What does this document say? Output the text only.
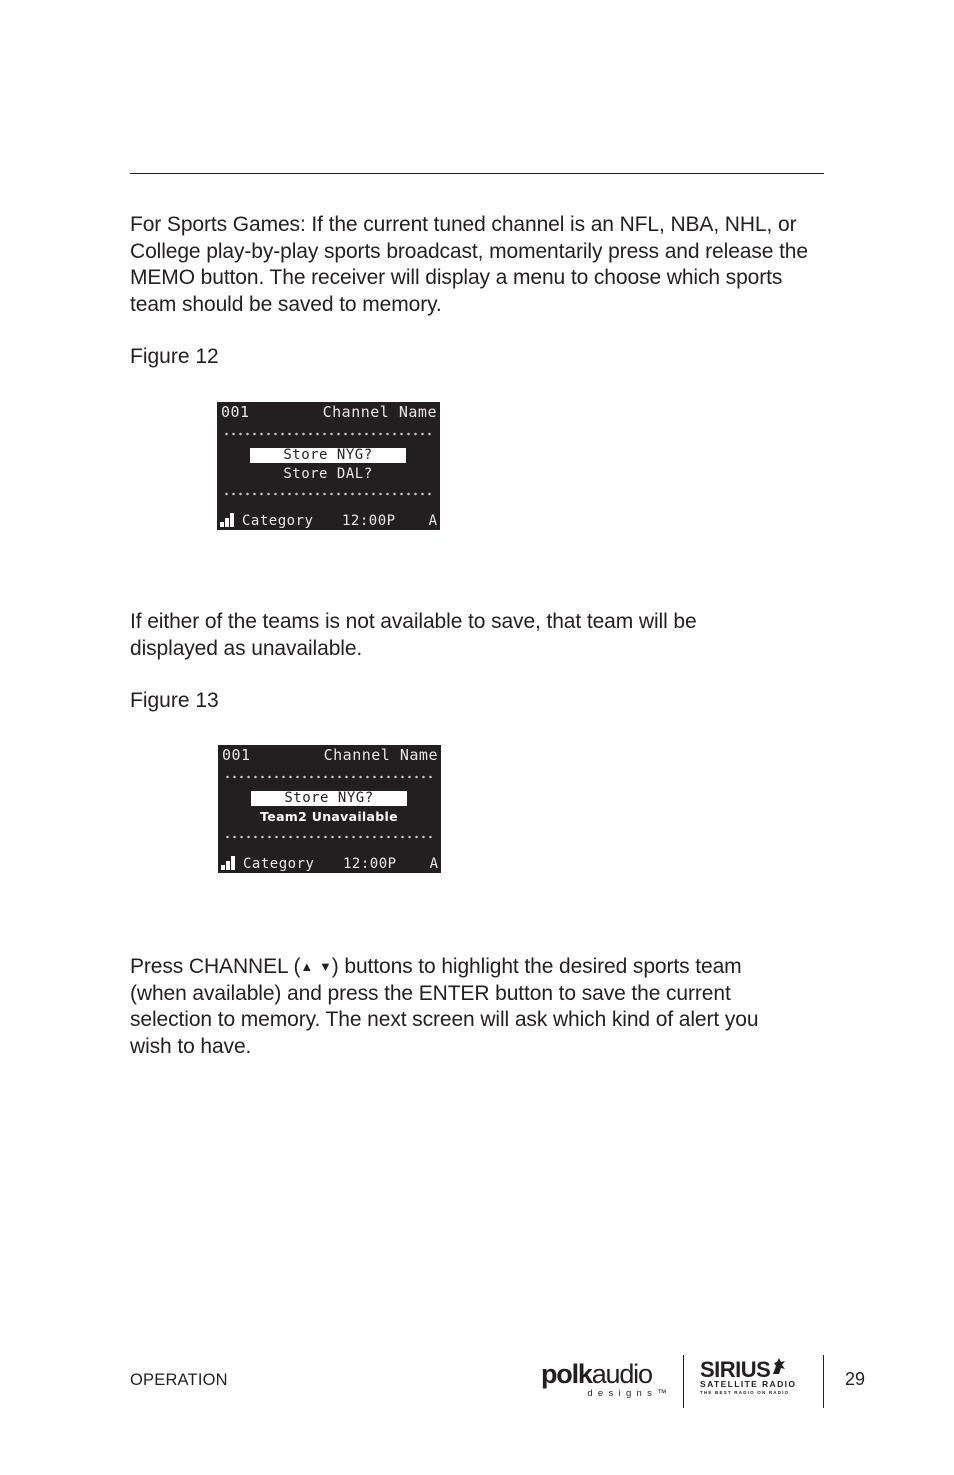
For Sports Games: If the current tuned channel is an NFL, NBA, NHL, or College play-by-play sports broadcast, momentarily press and release the MEMO button. The receiver will display a menu to choose which sports team should be saved to memory.

Figure 12

001	Channel Name
Store NYG?
Store DAL?
Category 12:00P A

If either of the teams is not available to save, that team will be displayed as unavailable.

Figure 13

001	Channel Name
Store NYG?
Team2 Unavailable
Category 12:00P A

Press CHANNEL (▲ ▼) buttons to highlight the desired sports team (when available) and press the ENTER button to save the current selection to memory. The next screen will ask which kind of alert you wish to have.

OPERATION	polkaudio
designs™
SIRIUS
SATELLITE RADIO
THE BEST RADIO ON RADIO
29
